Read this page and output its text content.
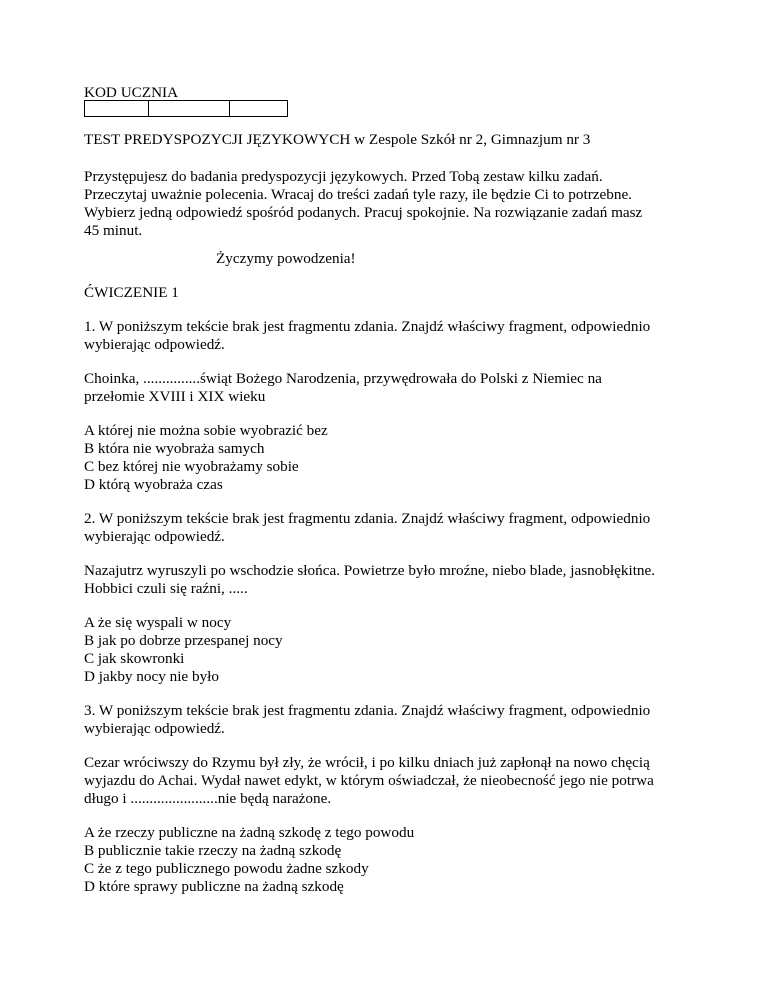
KOD UCZNIA

TEST PREDYSPOZYCJI JĘZYKOWYCH w Zespole Szkół nr 2, Gimnazjum nr 3
Przystępujesz do badania predyspozycji językowych. Przed Tobą zestaw kilku zadań.
Przeczytaj uważnie polecenia. Wracaj do treści zadań tyle razy, ile będzie Ci to potrzebne.
Wybierz jedną odpowiedź spośród podanych. Pracuj spokojnie. Na rozwiązanie zadań masz
45 minut.
Życzymy powodzenia!
ĆWICZENIE 1
1. W poniższym tekście brak jest fragmentu zdania. Znajdź właściwy fragment, odpowiednio
wybierając odpowiedź.
Choinka, ...............świąt Bożego Narodzenia, przywędrowała do Polski z Niemiec na
przełomie XVIII i XIX wieku
A której nie można sobie wyobrazić bez
B która nie wyobraża samych
C bez której nie wyobrażamy sobie
D którą wyobraża czas
2. W poniższym tekście brak jest fragmentu zdania. Znajdź właściwy fragment, odpowiednio
wybierając odpowiedź.
Nazajutrz wyruszyli po wschodzie słońca. Powietrze było mroźne, niebo blade, jasnobłękitne.
Hobbici czuli się raźni, .....
A że się wyspali w nocy
B jak po dobrze przespanej nocy
C jak skowronki
D jakby nocy nie było
3. W poniższym tekście brak jest fragmentu zdania. Znajdź właściwy fragment, odpowiednio
wybierając odpowiedź.
Cezar wróciwszy do Rzymu był zły, że wrócił, i po kilku dniach już zapłonął na nowo chęcią
wyjazdu do Achai. Wydał nawet edykt, w którym oświadczał, że nieobecność jego nie potrwa
długo i .......................nie będą narażone.
A że rzeczy publiczne na żadną szkodę z tego powodu
B publicznie takie rzeczy na żadną szkodę
C że z tego publicznego powodu żadne szkody
D które sprawy publiczne na żadną szkodę
